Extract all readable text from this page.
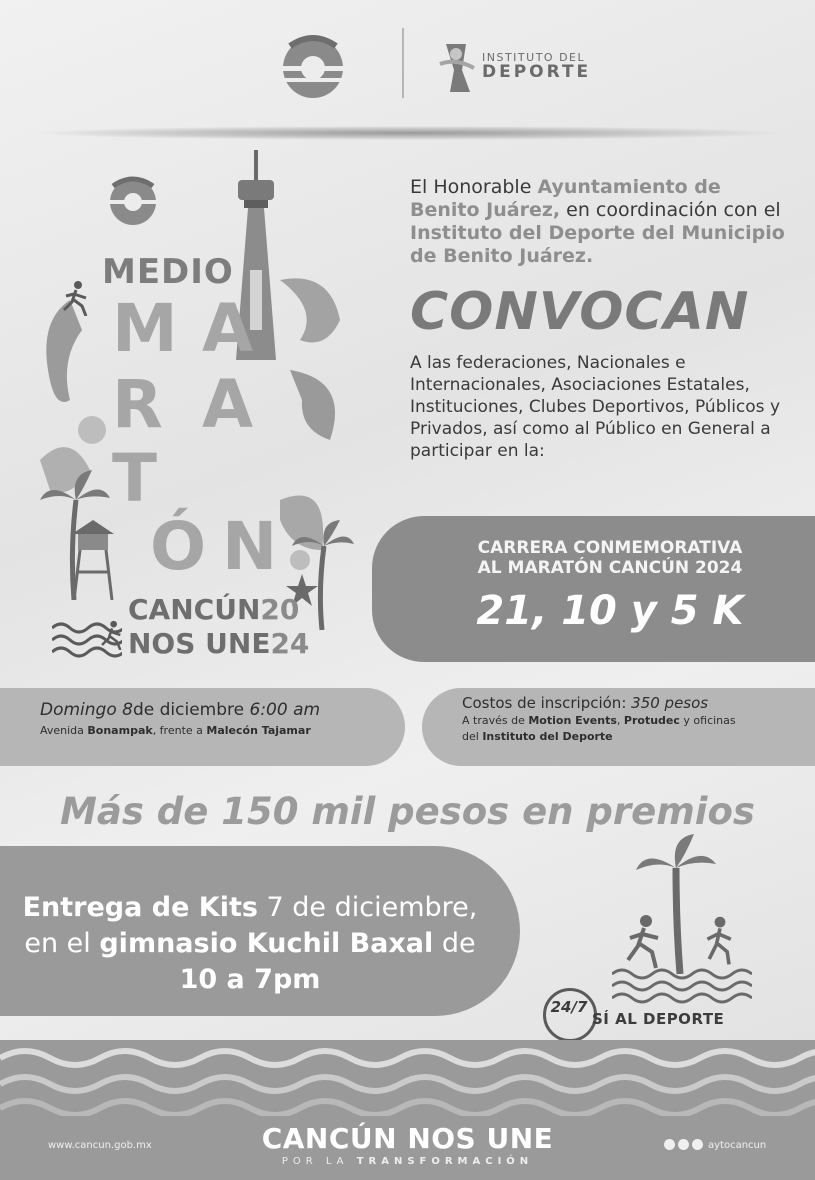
INSTITUTO DEL
DEPORTE
MEDIO
M A
R A
T
Ó N
CANCÚN20
NOS UNE24
El Honorable Ayuntamiento de Benito Juárez, en coordinación con el Instituto del Deporte del Municipio de Benito Juárez.
CONVOCAN
A las federaciones, Nacionales e Internacionales, Asociaciones Estatales, Instituciones, Clubes Deportivos, Públicos y Privados, así como al Público en General a participar en la:
CARRERA CONMEMORATIVA
AL MARATÓN CANCÚN 2024
21, 10 y 5 K
Domingo 8de diciembre 6:00 am
Avenida Bonampak, frente a Malecón Tajamar
Costos de inscripción: 350 pesos
A través de Motion Events, Protudec y oficinas
del Instituto del Deporte
Más de 150 mil pesos en premios
Entrega de Kits 7 de diciembre, en el gimnasio Kuchil Baxal de 10 a 7pm
24/7
SÍ AL DEPORTE
www.cancun.gob.mx	CANCÚN NOS UNE
POR LA TRANSFORMACIÓN
aytocancun
